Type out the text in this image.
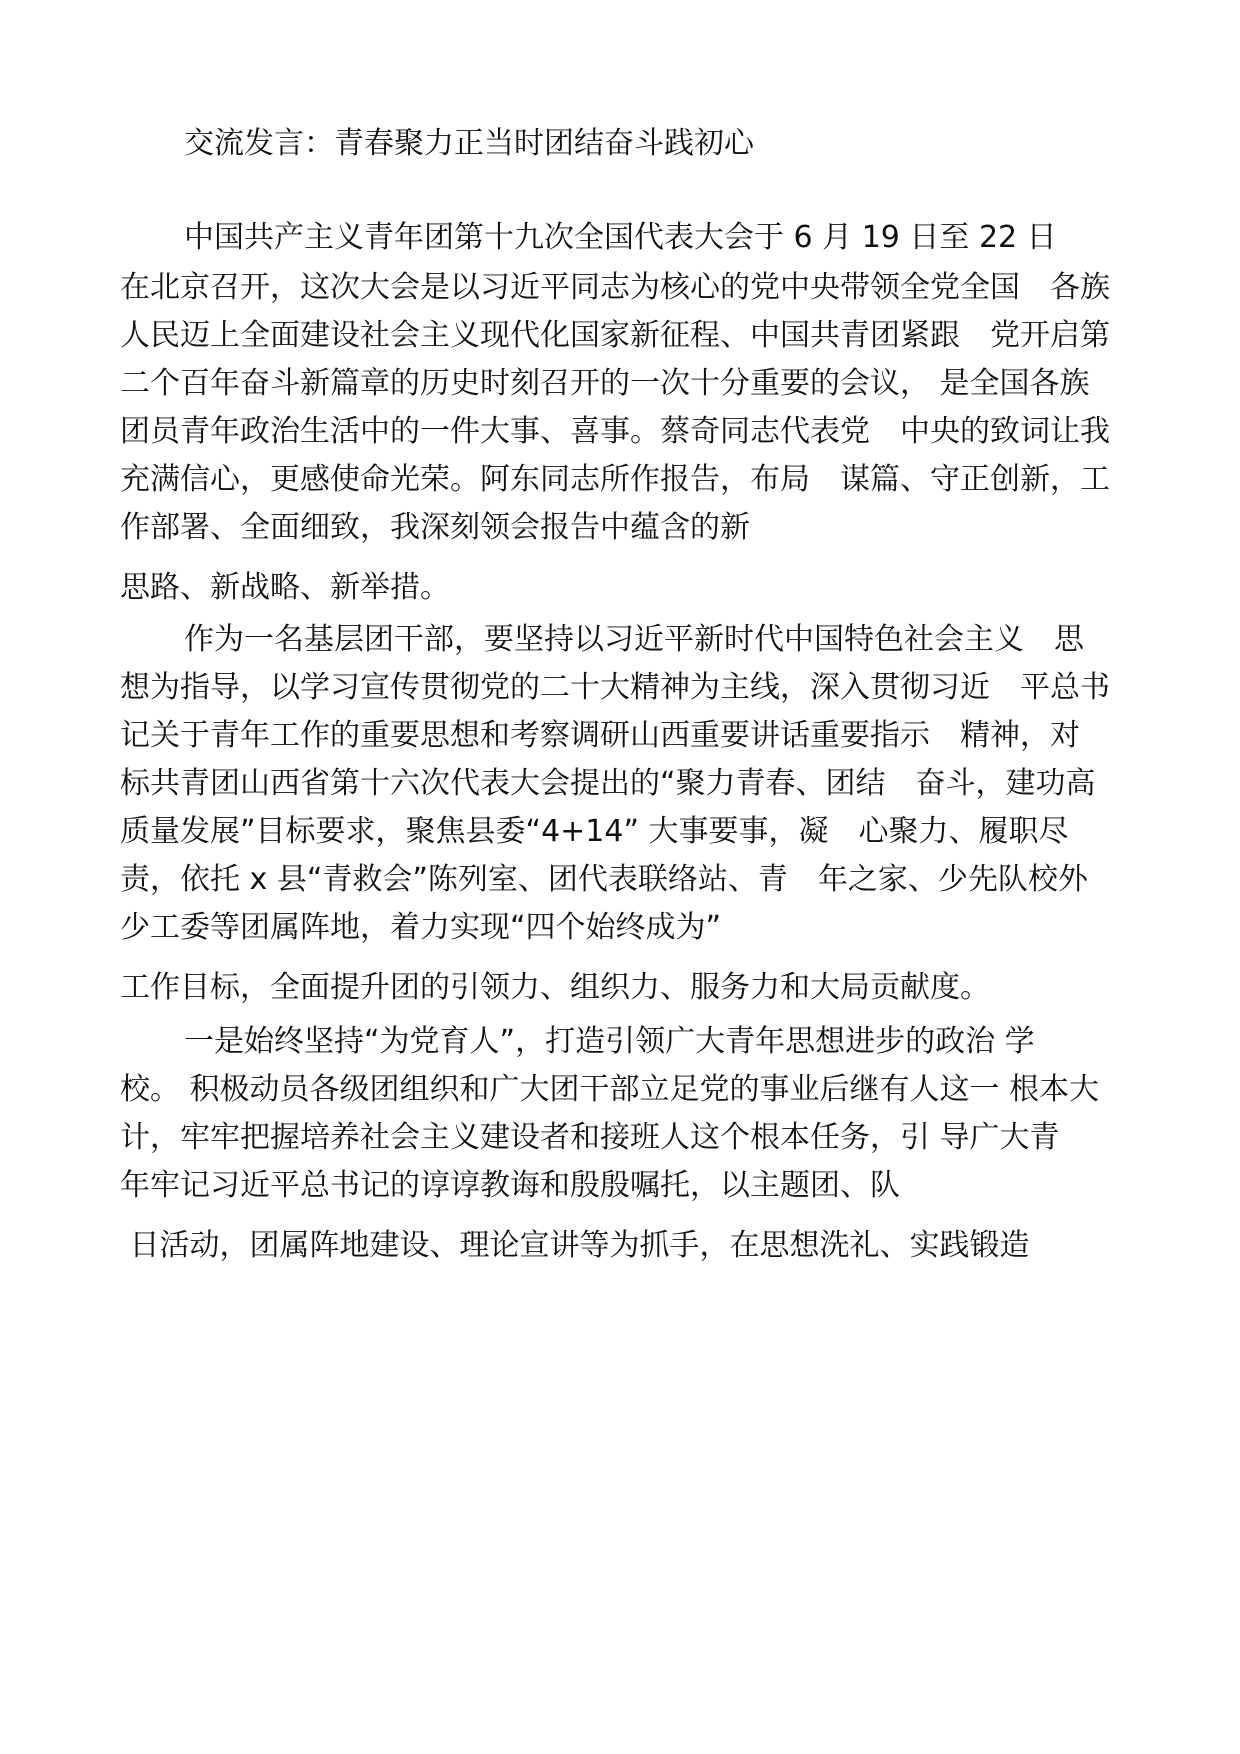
交流发言：青春聚力正当时团结奋斗践初心
中国共产主义青年团第十九次全国代表大会于 6 月 19 日至 22 日
在北京召开，这次大会是以习近平同志为核心的党中央带领全党全国　各族
人民迈上全面建设社会主义现代化国家新征程、中国共青团紧跟　党开启第
二个百年奋斗新篇章的历史时刻召开的一次十分重要的会议， 是全国各族
团员青年政治生活中的一件大事、喜事。蔡奇同志代表党　中央的致词让我
充满信心，更感使命光荣。阿东同志所作报告，布局　谋篇、守正创新，工
作部署、全面细致，我深刻领会报告中蕴含的新
思路、新战略、新举措。
作为一名基层团干部，要坚持以习近平新时代中国特色社会主义　思
想为指导，以学习宣传贯彻党的二十大精神为主线，深入贯彻习近　平总书
记关于青年工作的重要思想和考察调研山西重要讲话重要指示　精神，对
标共青团山西省第十六次代表大会提出的“聚力青春、团结　奋斗，建功高
质量发展”目标要求，聚焦县委“4+14” 大事要事，凝　心聚力、履职尽
责，依托 x 县“青救会”陈列室、团代表联络站、青　年之家、少先队校外
少工委等团属阵地，着力实现“四个始终成为”
工作目标，全面提升团的引领力、组织力、服务力和大局贡献度。
一是始终坚持“为党育人”，打造引领广大青年思想进步的政治 学
校。 积极动员各级团组织和广大团干部立足党的事业后继有人这一 根本大
计，牢牢把握培养社会主义建设者和接班人这个根本任务，引 导广大青
年牢记习近平总书记的谆谆教诲和殷殷嘱托，以主题团、队
日活动，团属阵地建设、理论宣讲等为抓手，在思想洗礼、实践锻造
